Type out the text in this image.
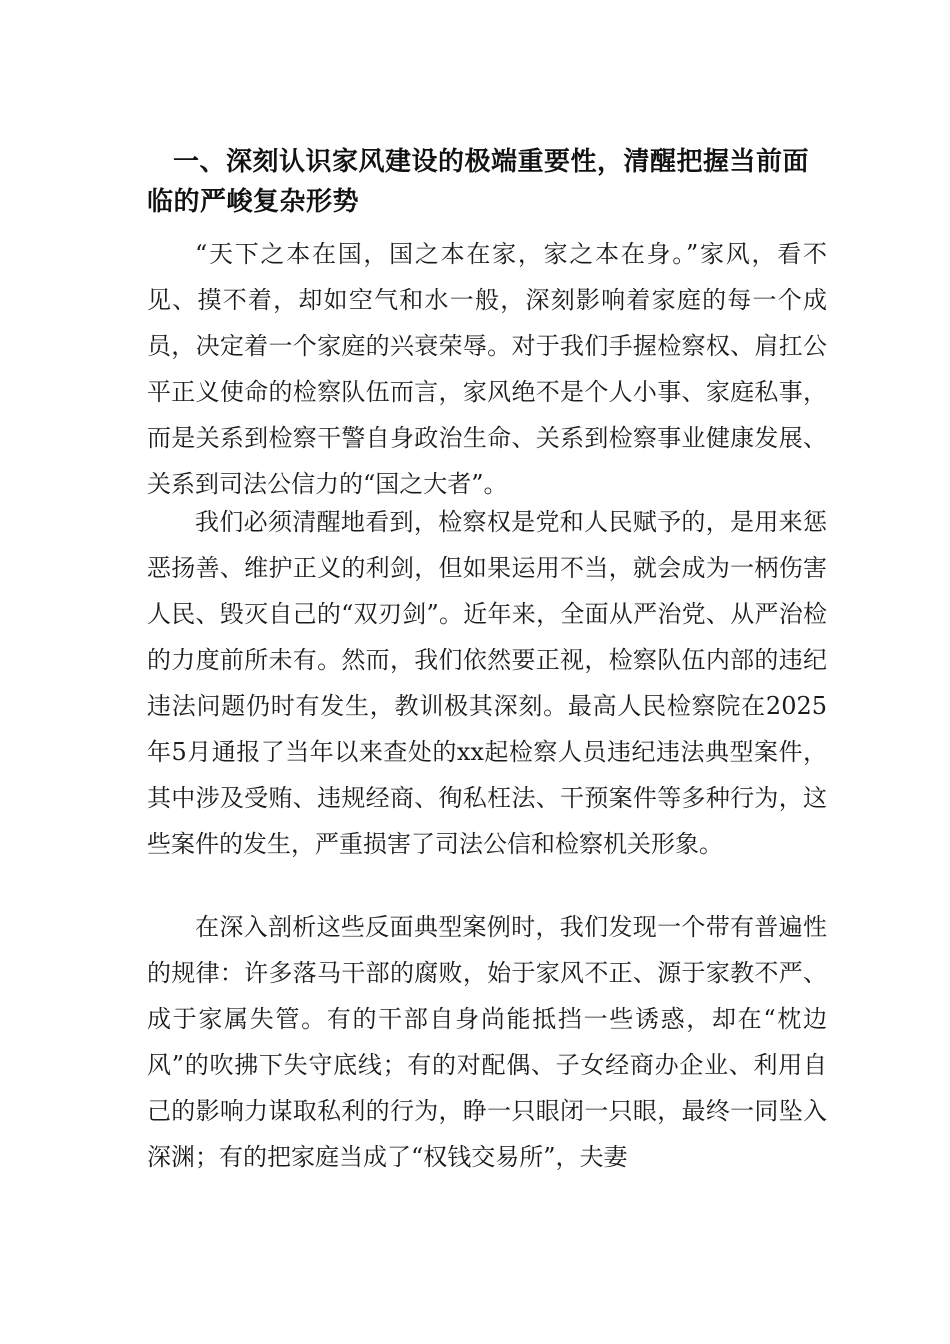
一、深刻认识家风建设的极端重要性，清醒把握当前面临的严峻复杂形势

“天下之本在国，国之本在家，家之本在身。”家风，看不见、摸不着，却如空气和水一般，深刻影响着家庭的每一个成员，决定着一个家庭的兴衰荣辱。对于我们手握检察权、肩扛公平正义使命的检察队伍而言，家风绝不是个人小事、家庭私事，而是关系到检察干警自身政治生命、关系到检察事业健康发展、关系到司法公信力的“国之大者”。

我们必须清醒地看到，检察权是党和人民赋予的，是用来惩恶扬善、维护正义的利剑，但如果运用不当，就会成为一柄伤害人民、毁灭自己的“双刃剑”。近年来，全面从严治党、从严治检的力度前所未有。然而，我们依然要正视，检察队伍内部的违纪违法问题仍时有发生，教训极其深刻。最高人民检察院在2025年5月通报了当年以来查处的xx起检察人员违纪违法典型案件，其中涉及受贿、违规经商、徇私枉法、干预案件等多种行为，这些案件的发生，严重损害了司法公信和检察机关形象。

在深入剖析这些反面典型案例时，我们发现一个带有普遍性的规律：许多落马干部的腐败，始于家风不正、源于家教不严、成于家属失管。有的干部自身尚能抵挡一些诱惑，却在“枕边风”的吹拂下失守底线；有的对配偶、子女经商办企业、利用自己的影响力谋取私利的行为，睁一只眼闭一只眼，最终一同坠入深渊；有的把家庭当成了“权钱交易所”，夫妻
